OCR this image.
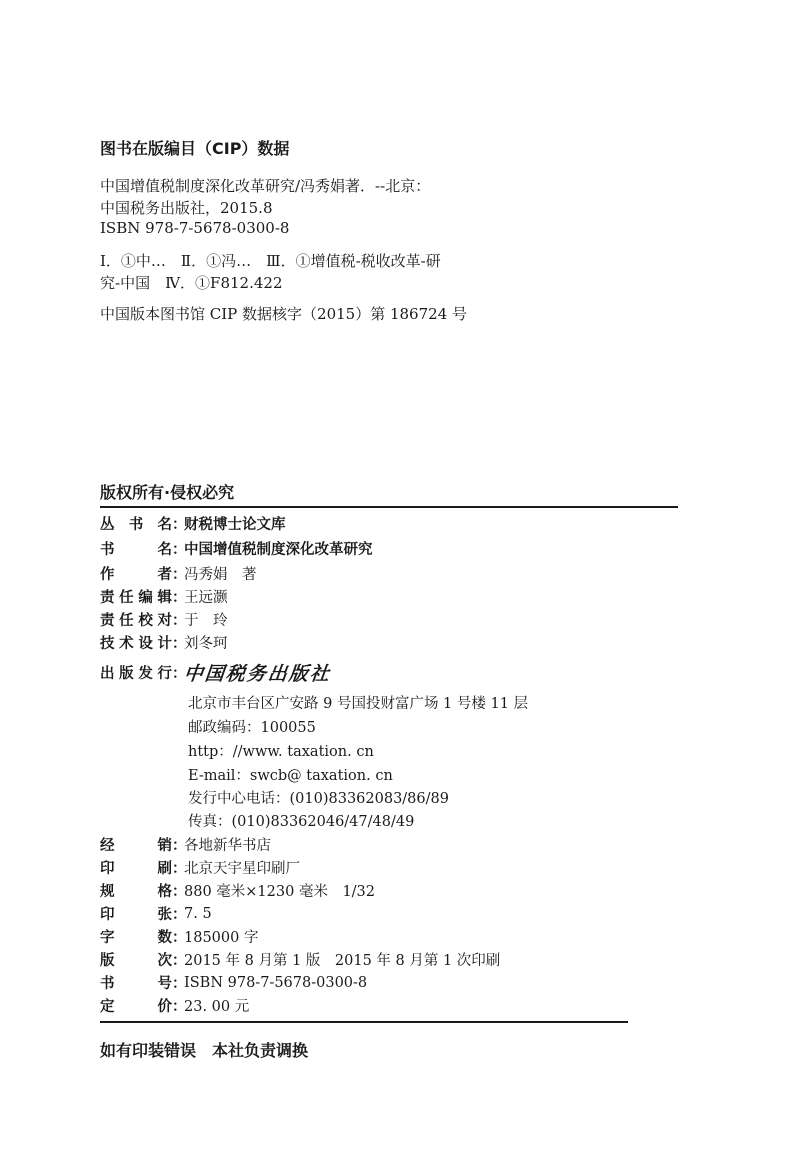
图书在版编目（CIP）数据
中国增值税制度深化改革研究/冯秀娟著．--北京：
中国税务出版社，2015.8
ISBN 978-7-5678-0300-8
Ⅰ．①中…　Ⅱ．①冯…　Ⅲ．①增值税-税收改革-研
究-中国　Ⅳ．①F812.422
中国版本图书馆 CIP 数据核字（2015）第 186724 号
版权所有·侵权必究
丛书名 ：
财税博士论文库
书名 ：
中国增值税制度深化改革研究
作者 ：
冯秀娟　著
责任编辑 ：
王远灏
责任校对 ：
于　玲
技术设计 ：
刘冬珂
出版发行 ：
中国税务出版社
北京市丰台区广安路 9 号国投财富广场 1 号楼 11 层
邮政编码：100055
http：//www. taxation. cn
E-mail：swcb@ taxation. cn
发行中心电话：(010)83362083/86/89
传真：(010)83362046/47/48/49
经销 ：
各地新华书店
印刷 ：
北京天宇星印刷厂
规格 ：
880 毫米×1230 毫米　1/32
印张 ：
7. 5
字数 ：
185000 字
版次 ：
2015 年 8 月第 1 版　2015 年 8 月第 1 次印刷
书号 ：
ISBN 978-7-5678-0300-8
定价 ：
23. 00 元
如有印装错误　本社负责调换
